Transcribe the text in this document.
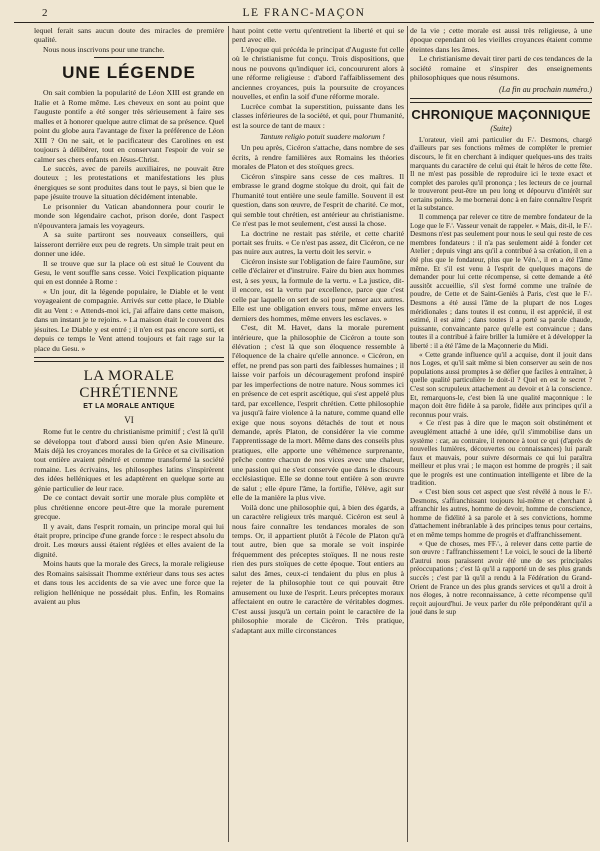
2	LE FRANC-MAÇON

lequel ferait sans aucun doute des miracles de première qualité.

Nous nous inscrivons pour une tranche.

UNE LÉGENDE

On sait combien la popularité de Léon XIII est grande en Italie et à Rome même. Les cheveux en sont au point que l'auguste pontife a été songer très sérieusement à faire ses malles et à honorer quelque autre climat de sa présence. Quel point du globe aura l'avantage de fixer la préférence de Léon XIII ? On ne sait, et le pacificateur des Carolines en est toujours à délibérer, tout en conservant l'espoir de voir se calmer ses chers enfants en Jésus-Christ.

Le succès, avec de pareils auxiliaires, ne pouvait être douteux ; les protestations et manifestations les plus énergiques se sont produites dans tout le pays, si bien que le pape jésuite trouve la situation décidément intenable.

Le prisonnier du Vatican abandonnera pour courir le monde son légendaire cachot, prison dorée, dont l'aspect n'épouvantera jamais les voyageurs.

A sa suite partiront ses nouveaux conseillers, qui laisseront derrière eux peu de regrets. Un simple trait peut en donner une idée.

Il se trouve que sur la place où est situé le Couvent du Gesu, le vent souffle sans cesse. Voici l'explication piquante qui en est donnée à Rome :

« Un jour, dit la légende populaire, le Diable et le vent voyageaient de compagnie. Arrivés sur cette place, le Diable dit au Vent : « Attends-moi ici, j'ai affaire dans cette maison, dans un instant je te rejoins. » La maison était le couvent des jésuites. Le Diable y est entré ; il n'en est pas encore sorti, et depuis ce temps le Vent attend toujours et fait rage sur la place du Gesu. »

LA MORALE CHRÉTIENNE
ET LA MORALE ANTIQUE
VI

Rome fut le centre du christianisme primitif ; c'est là qu'il se développa tout d'abord aussi bien qu'en Asie Mineure. Mais déjà les croyances morales de la Grèce et sa civilisation tout entière avaient pénétré et comme transformé la société romaine. Les écrivains, les philosophes latins s'inspirèrent des idées helléniques et les adaptèrent en quelque sorte au génie particulier de leur race.

De ce contact devait sortir une morale plus complète et plus chrétienne encore peut-être que la morale purement grecque.

Il y avait, dans l'esprit romain, un principe moral qui lui était propre, principe d'une grande force : le respect absolu du droit. Les mœurs aussi étaient réglées et elles avaient de la dignité.

Moins hauts que la morale des Grecs, la morale religieuse des Romains saisissait l'homme extérieur dans tous ses actes et dans tous les accidents de sa vie avec une force que la religion hellénique ne possédait plus. Enfin, les Romains avaient au plus

haut point cette vertu qu'entretient la liberté et qui se perd avec elle.

L'époque qui précéda le principat d'Auguste fut celle où le christianisme fut conçu. Trois dispositions, que nous ne pouvons qu'indiquer ici, concoururent alors à une réforme religieuse : d'abord l'affaiblissement des anciennes croyances, puis la poursuite de croyances nouvelles, et enfin la soif d'une réforme morale.

Lucrèce combat la superstition, puissante dans les classes inférieures de la société, et qui, pour l'humanité, est la source de tant de maux :

Tantum religio potuit suadere malorum !

Un peu après, Cicéron s'attache, dans nombre de ses écrits, à rendre familières aux Romains les théories morales de Platon et des stoïques grecs.

Cicéron s'inspire sans cesse de ces maîtres. Il embrasse le grand dogme stoïque du droit, qui fait de l'humanité tout entière une seule famille. Souvent il est question, dans son œuvre, de l'esprit de charité. Ce mot, qui semble tout chrétien, est antérieur au christianisme. Ce n'est pas le mot seulement, c'est aussi la chose.

La doctrine ne restait pas stérile, et cette charité portait ses fruits. « Ce n'est pas assez, dit Cicéron, ce ne pas nuire aux autres, la vertu doit les servir. »

Cicéron insiste sur l'obligation de faire l'aumône, sur celle d'éclairer et d'instruire. Faire du bien aux hommes est, à ses yeux, la formule de la vertu. « La justice, dit-il encore, est la vertu par excellence, parce que c'est celle par laquelle on sert de soi pour penser aux autres. Elle est une obligation envers tous, même envers les derniers des hommes, même envers les esclaves. »

C'est, dit M. Havet, dans la morale purement intérieure, que la philosophie de Cicéron a toute son élévation ; c'est là que son éloquence ressemble à l'éloquence de la chaire qu'elle annonce. « Cicéron, en effet, ne prend pas son parti des faiblesses humaines ; il laisse voir parfois un découragement profond inspiré par les imperfections de notre nature. Nous sommes ici en présence de cet esprit ascétique, qui s'est appelé plus tard, par excellence, l'esprit chrétien. Cette philosophie va jusqu'à faire violence à la nature, comme quand elle exige que nous soyons détachés de tout et nous demande, après Platon, de considérer la vie comme l'apprentissage de la mort. Même dans des conseils plus pratiques, elle apporte une véhémence surprenante, prêche contre chacun de nos vices avec une chaleur, une passion qui ne s'est conservée que dans le discours ecclésiastique. Elle se donne tout entière à son œuvre de salut ; elle épure l'âme, la fortifie, l'élève, agit sur elle de la manière la plus vive.

Voilà donc une philosophie qui, à bien des égards, a un caractère religieux très marqué. Cicéron est seul à nous faire connaître les tendances morales de son temps. Or, il appartient plutôt à l'école de Platon qu'à tout autre, bien que sa morale se voit inspirée fréquemment des préceptes stoïques. Il ne nous reste rien des purs stoïques de cette époque. Tout entiers au salut des âmes, ceux-ci tendaient du plus en plus à rejeter de la philosophie tout ce qui pouvait être amusement ou luxe de l'esprit. Leurs préceptes moraux affectaient en outre le caractère de véritables dogmes. C'est aussi jusqu'à un certain point le caractère de la philosophie morale de Cicéron. Très pratique, s'adaptant aux mille circonstances

de la vie ; cette morale est aussi très religieuse, à une époque cependant où les vieilles croyances étaient comme éteintes dans les âmes.

Le christianisme devait tirer parti de ces tendances de la société romaine et s'inspirer des enseignements philosophiques que nous résumons.

(La fin au prochain numéro.)
CHRONIQUE MAÇONNIQUE
(Suite)

L'orateur, vieil ami particulier du F∴ Desmons, chargé d'ailleurs par ses fonctions mêmes de compléter le premier discours, le fit en cherchant à indiquer quelques-uns des traits marquants du caractère de celui qui était le héros de cette fête. Il ne m'est pas possible de reproduire ici le texte exact et complet des paroles qu'il prononça ; les lecteurs de ce journal le trouveront peut-être un peu long et dépourvu d'intérêt sur certains points. Je me bornerai donc à en faire connaître l'esprit et la substance.

Il commença par relever ce titre de membre fondateur de la Loge que le F∴ Vasseur venait de rappeler. « Mais, dit-il, le F∴ Desmons n'est pas seulement pour nous le seul qui reste de ces membres fondateurs : il n'a pas seulement aidé à fonder cet Atelier ; depuis vingt ans qu'il a contribué à sa création, il en a été plus que le fondateur, plus que le Vén∴, il en a été l'âme même. Et s'il est venu à l'esprit de quelques maçons de demander pour lui cette récompense, si cette demande a été aussitôt accueillie, s'il s'est formé comme une traînée de poudre, de Cette et de Saint-Geniès à Paris, c'est que le F∴ Desmons a été aussi l'âme de la plupart de nos Loges méridionales ; dans toutes il est connu, il est apprécié, il est estimé, il est aimé ; dans toutes il a porté sa parole chaude, puissante, convaincante parce qu'elle est convaincue ; dans toutes il a contribué à faire briller la lumière et à développer la liberté : il a été l'âme de la Maçonnerie du Midi.

« Cette grande influence qu'il a acquise, dont il jouit dans nos Loges, et qu'il sait même si bien conserver au sein de nos populations aussi promptes à se défier que faciles à entraîner, à quelle qualité particulière le doit-il ? Quel en est le secret ? C'est son scrupuleux attachement au devoir et à la conscience. Et, remarquons-le, c'est bien là une qualité maçonnique : le maçon doit être fidèle à sa parole, fidèle aux principes qu'il a reconnus pour vrais.

« Ce n'est pas à dire que le maçon soit obstinément et aveuglément attaché à une idée, qu'il s'immobilise dans un système : car, au contraire, il renonce à tout ce qui (d'après de nouvelles lumières, découvertes ou connaissances) lui paraît faux et mauvais, pour suivre désormais ce qui lui paraîtra meilleur et plus vrai ; le maçon est homme de progrès ; il sait que le progrès est une continuation intelligente et libre de la tradition.

« C'est bien sous cet aspect que s'est révélé à nous le F∴ Desmons, s'affranchissant toujours lui-même et cherchant à affranchir les autres, homme de devoir, homme de conscience, homme de fidélité à sa parole et à ses convictions, homme d'attachement inébranlable à des principes tenus pour certains, et en même temps homme de progrès et d'affranchissement.

« Que de choses, mes FF∴, à relever dans cette partie de son œuvre : l'affranchissement ! Le voici, le souci de la liberté d'autrui nous paraissent avoir été une de ses principales préoccupations ; c'est là qu'il a rapporté un de ses plus grands succès ; c'est par là qu'il a rendu à la Fédération du Grand-Orient de France un des plus grands services et qu'il a droit à nos éloges, à notre reconnaissance, à cette récompense qu'il reçoit aujourd'hui. Je veux parler du rôle prépondérant qu'il a joué dans le sup
